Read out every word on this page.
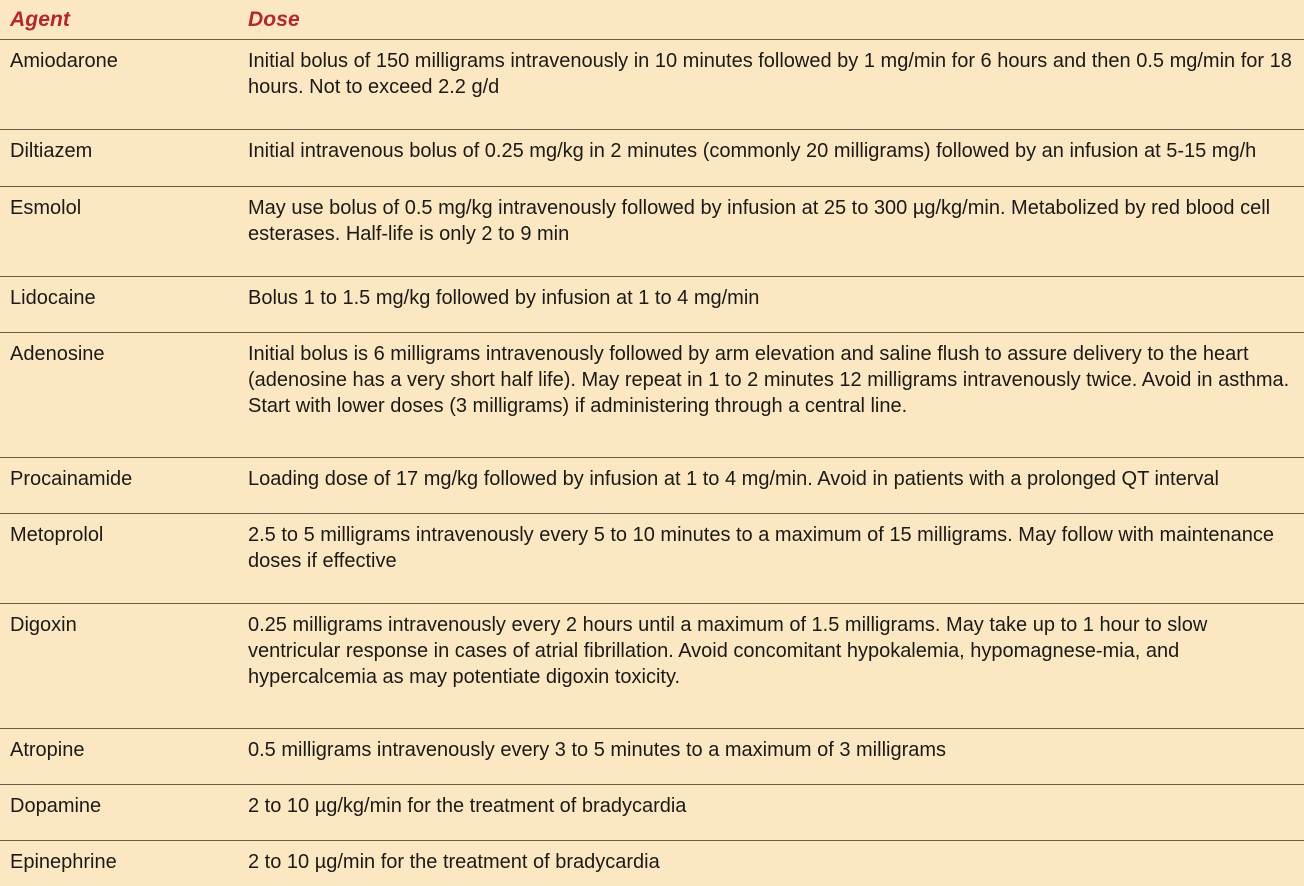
Agent	Dose
Amiodarone	Initial bolus of 150 milligrams intravenously in 10 minutes followed by 1 mg/min for 6 hours and then 0.5 mg/min for 18 hours. Not to exceed 2.2 g/d
Diltiazem	Initial intravenous bolus of 0.25 mg/kg in 2 minutes (commonly 20 milligrams) followed by an infusion at 5-15 mg/h
Esmolol	May use bolus of 0.5 mg/kg intravenously followed by infusion at 25 to 300 µg/kg/min. Metabolized by red blood cell esterases. Half-life is only 2 to 9 min
Lidocaine	Bolus 1 to 1.5 mg/kg followed by infusion at 1 to 4 mg/min
Adenosine	Initial bolus is 6 milligrams intravenously followed by arm elevation and saline flush to assure delivery to the heart (adenosine has a very short half life). May repeat in 1 to 2 minutes 12 milligrams intravenously twice. Avoid in asthma. Start with lower doses (3 milligrams) if administering through a central line.
Procainamide	Loading dose of 17 mg/kg followed by infusion at 1 to 4 mg/min. Avoid in patients with a prolonged QT interval
Metoprolol	2.5 to 5 milligrams intravenously every 5 to 10 minutes to a maximum of 15 milligrams. May follow with maintenance doses if effective
Digoxin	0.25 milligrams intravenously every 2 hours until a maximum of 1.5 milligrams. May take up to 1 hour to slow ventricular response in cases of atrial fibrillation. Avoid concomitant hypokalemia, hypomagnese-mia, and hypercalcemia as may potentiate digoxin toxicity.
Atropine	0.5 milligrams intravenously every 3 to 5 minutes to a maximum of 3 milligrams
Dopamine	2 to 10 µg/kg/min for the treatment of bradycardia
Epinephrine	2 to 10 µg/min for the treatment of bradycardia
